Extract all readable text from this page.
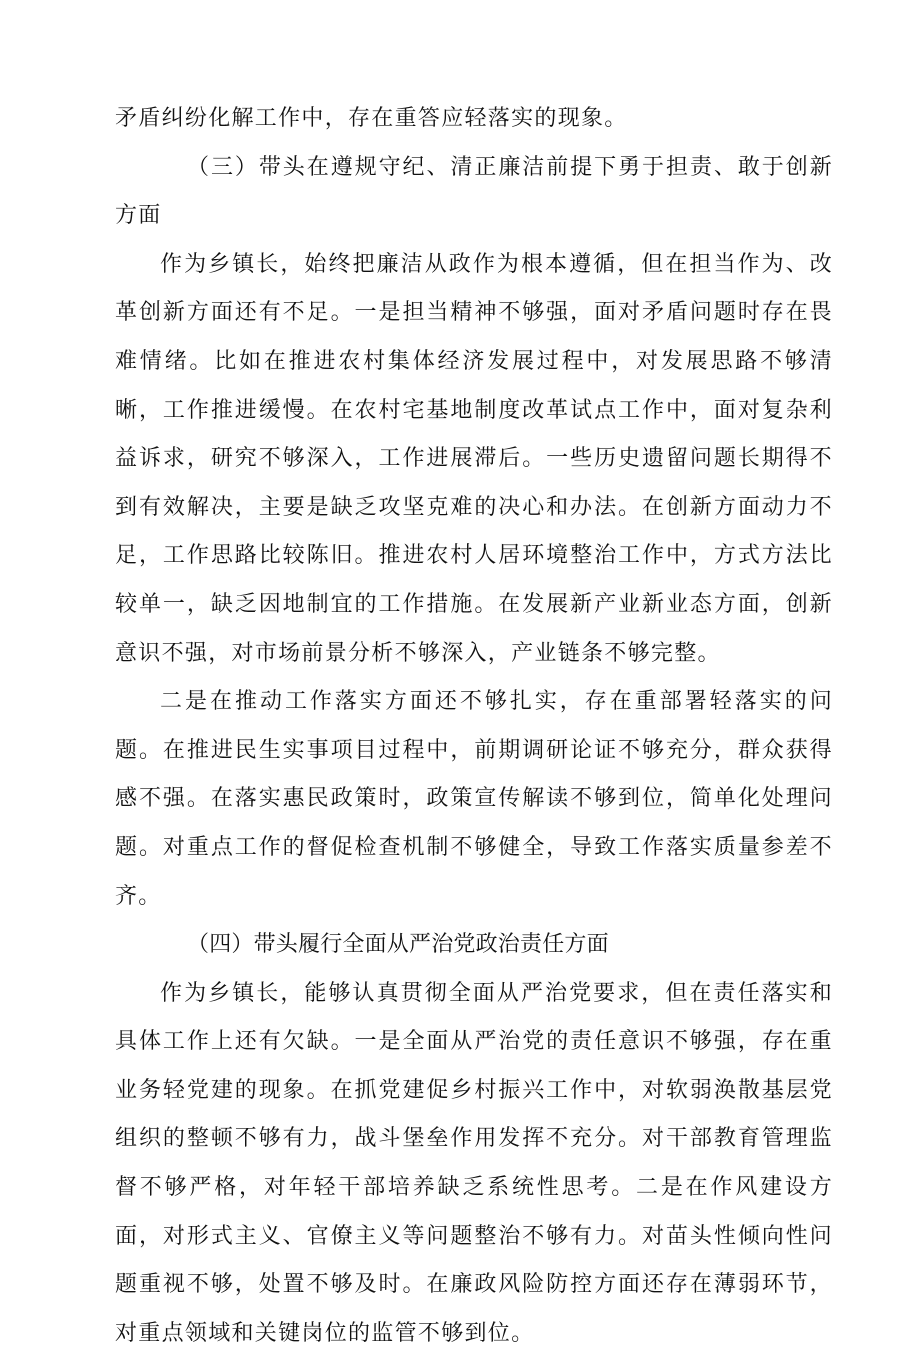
矛盾纠纷化解工作中，存在重答应轻落实的现象。

（三）带头在遵规守纪、清正廉洁前提下勇于担责、敢于创新方面

作为乡镇长，始终把廉洁从政作为根本遵循，但在担当作为、改革创新方面还有不足。一是担当精神不够强，面对矛盾问题时存在畏难情绪。比如在推进农村集体经济发展过程中，对发展思路不够清晰，工作推进缓慢。在农村宅基地制度改革试点工作中，面对复杂利益诉求，研究不够深入，工作进展滞后。一些历史遗留问题长期得不到有效解决，主要是缺乏攻坚克难的决心和办法。在创新方面动力不足，工作思路比较陈旧。推进农村人居环境整治工作中，方式方法比较单一，缺乏因地制宜的工作措施。在发展新产业新业态方面，创新意识不强，对市场前景分析不够深入，产业链条不够完整。

二是在推动工作落实方面还不够扎实，存在重部署轻落实的问题。在推进民生实事项目过程中，前期调研论证不够充分，群众获得感不强。在落实惠民政策时，政策宣传解读不够到位，简单化处理问题。对重点工作的督促检查机制不够健全，导致工作落实质量参差不齐。

（四）带头履行全面从严治党政治责任方面

作为乡镇长，能够认真贯彻全面从严治党要求，但在责任落实和具体工作上还有欠缺。一是全面从严治党的责任意识不够强，存在重业务轻党建的现象。在抓党建促乡村振兴工作中，对软弱涣散基层党组织的整顿不够有力，战斗堡垒作用发挥不充分。对干部教育管理监督不够严格，对年轻干部培养缺乏系统性思考。二是在作风建设方面，对形式主义、官僚主义等问题整治不够有力。对苗头性倾向性问题重视不够，处置不够及时。在廉政风险防控方面还存在薄弱环节，对重点领域和关键岗位的监管不够到位。
